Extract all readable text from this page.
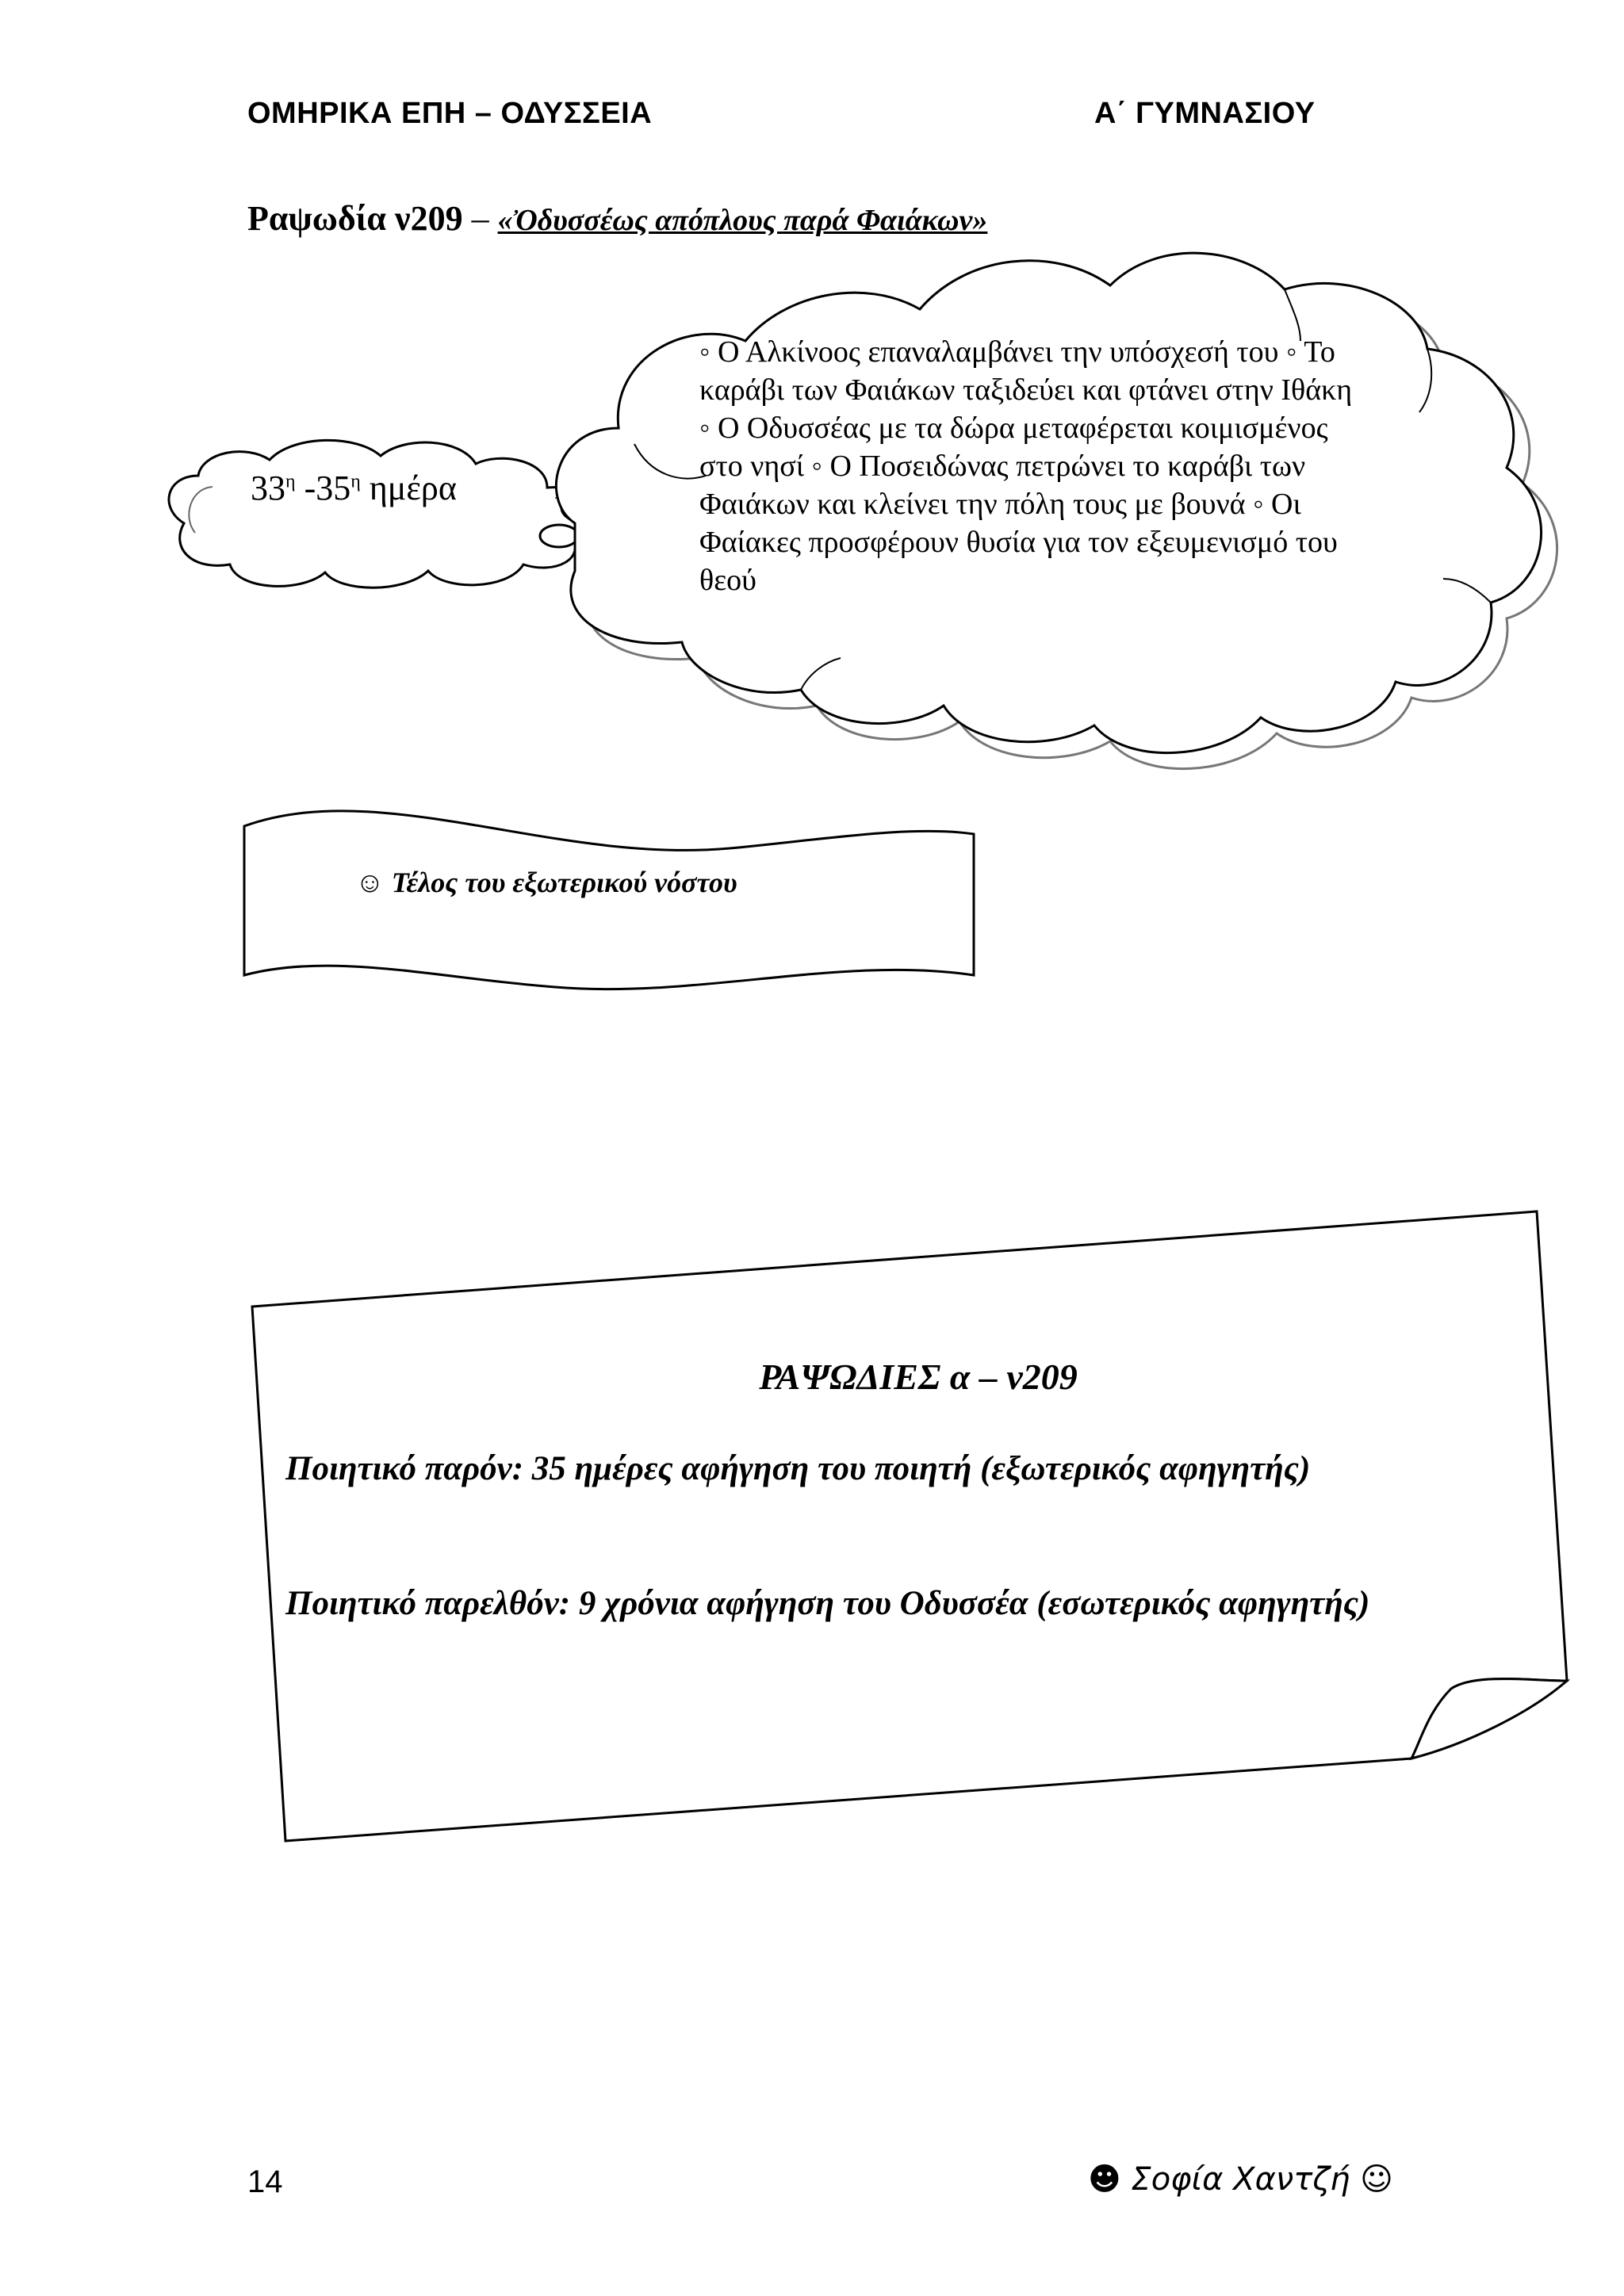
ΟΜΗΡΙΚΑ ΕΠΗ – ΟΔΥΣΣΕΙΑ	Α΄ ΓΥΜΝΑΣΙΟΥ
Ραψωδία ν209 – «Ὀδυσσέως απόπλους παρά Φαιάκων»
$33^\eta$ $-35^\eta$ ημέρα
◦ Ο Αλκίνοος επαναλαμβάνει την υπόσχεσή του ◦ Το καράβι των Φαιάκων ταξιδεύει και φτάνει στην Ιθάκη ◦ Ο Οδυσσέας με τα δώρα μεταφέρεται κοιμισμένος στο νησί ◦ Ο Ποσειδώνας πετρώνει το καράβι των Φαιάκων και κλείνει την πόλη τους με βουνά ◦ Οι Φαίακες προσφέρουν θυσία για τον εξευμενισμό του θεού
☺ Τέλος του εξωτερικού νόστου
ΡΑΨΩΔΙΕΣ α – ν209
Ποιητικό παρόν: 35 ημέρες αφήγηση του ποιητή (εξωτερικός αφηγητής)
Ποιητικό παρελθόν: 9 χρόνια αφήγηση του Οδυσσέα (εσωτερικός αφηγητής)
14	☻ Σοφία Χαντζή ☺
